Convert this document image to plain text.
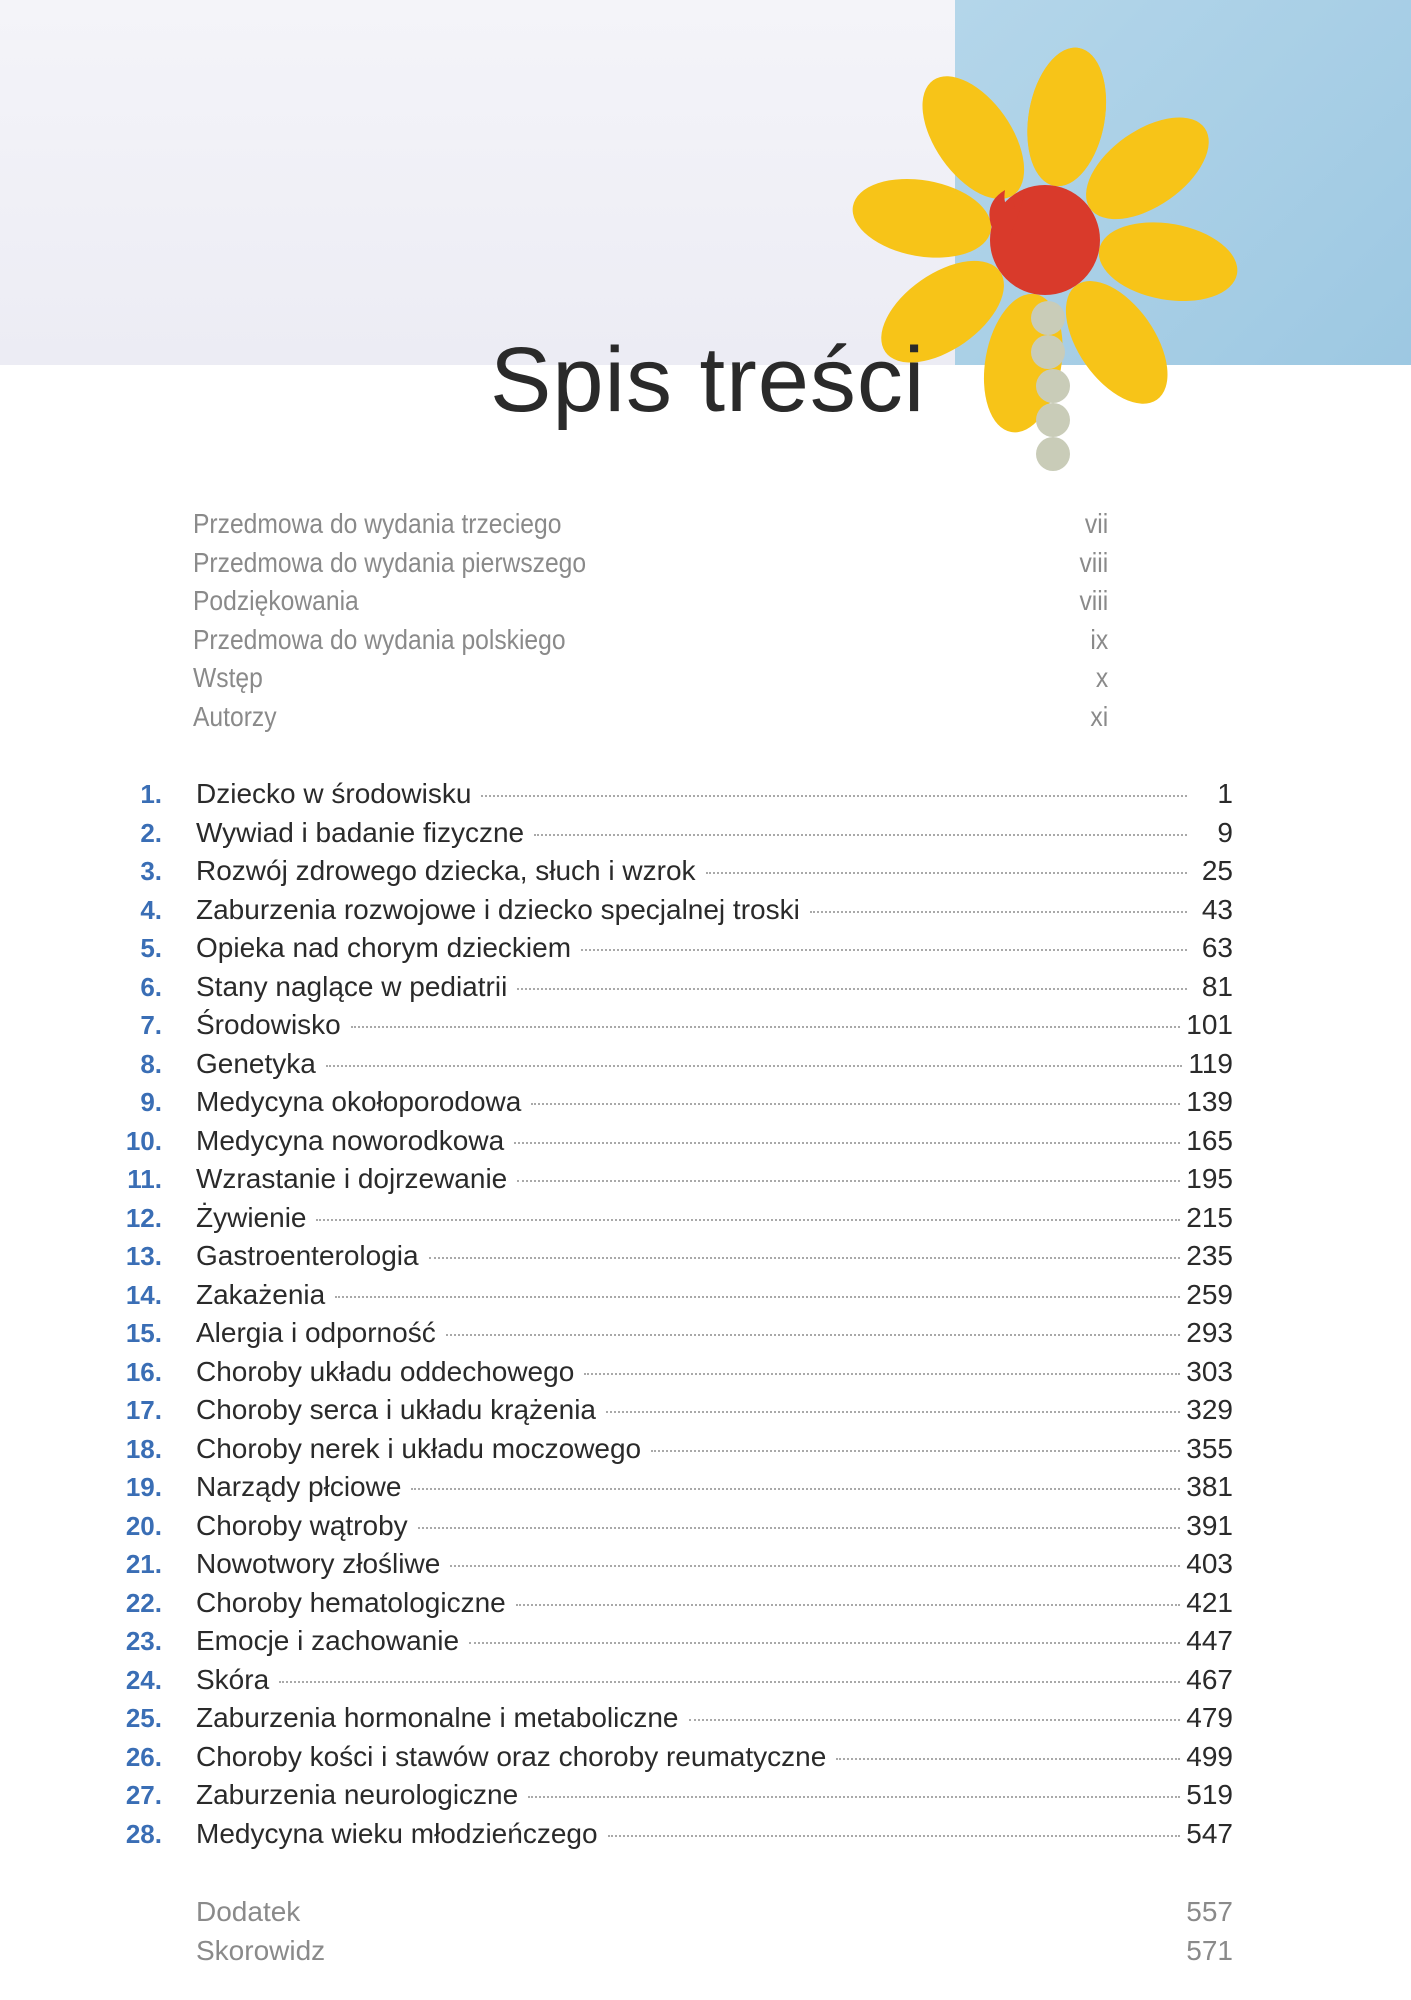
Spis treści
Przedmowa do wydania trzeciego	vii
Przedmowa do wydania pierwszego	viii
Podziękowania	viii
Przedmowa do wydania polskiego	ix
Wstęp	x
Autorzy	xi
1. Dziecko w środowisku	1
2. Wywiad i badanie fizyczne	9
3. Rozwój zdrowego dziecka, słuch i wzrok	25
4. Zaburzenia rozwojowe i dziecko specjalnej troski	43
5. Opieka nad chorym dzieckiem	63
6. Stany naglące w pediatrii	81
7. Środowisko	101
8. Genetyka	119
9. Medycyna okołoporodowa	139
10. Medycyna noworodkowa	165
11. Wzrastanie i dojrzewanie	195
12. Żywienie	215
13. Gastroenterologia	235
14. Zakażenia	259
15. Alergia i odporność	293
16. Choroby układu oddechowego	303
17. Choroby serca i układu krążenia	329
18. Choroby nerek i układu moczowego	355
19. Narządy płciowe	381
20. Choroby wątroby	391
21. Nowotwory złośliwe	403
22. Choroby hematologiczne	421
23. Emocje i zachowanie	447
24. Skóra	467
25. Zaburzenia hormonalne i metaboliczne	479
26. Choroby kości i stawów oraz choroby reumatyczne	499
27. Zaburzenia neurologiczne	519
28. Medycyna wieku młodzieńczego	547
Dodatek	557
Skorowidz	571
